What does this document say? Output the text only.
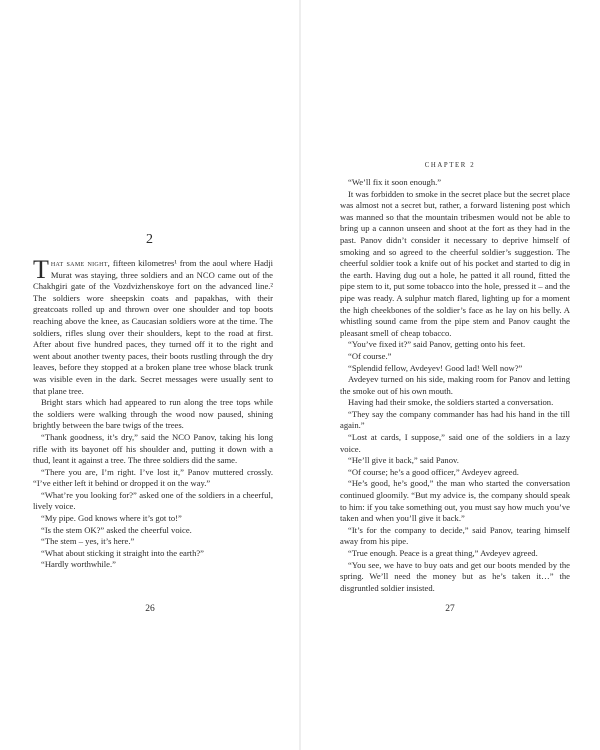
2

That same night, fifteen kilometres¹ from the aoul where Hadji Murat was staying, three soldiers and an NCO came out of the Chakhgiri gate of the Vozdvizhenskoye fort on the advanced line.² The soldiers wore sheepskin coats and papakhas, with their greatcoats rolled up and thrown over one shoulder and top boots reaching above the knee, as Caucasian soldiers wore at the time. The soldiers, rifles slung over their shoulders, kept to the road at first. After about five hundred paces, they turned off it to the right and went about another twenty paces, their boots rustling through the dry leaves, before they stopped at a broken plane tree whose black trunk was visible even in the dark. Secret messages were usually sent to that plane tree.

Bright stars which had appeared to run along the tree tops while the soldiers were walking through the wood now paused, shining brightly between the bare twigs of the trees.

“Thank goodness, it’s dry,” said the NCO Panov, taking his long rifle with its bayonet off his shoulder and, putting it down with a thud, leant it against a tree. The three soldiers did the same.

“There you are, I’m right. I’ve lost it,” Panov muttered crossly. “I’ve either left it behind or dropped it on the way.”

“What’re you looking for?” asked one of the soldiers in a cheerful, lively voice.

“My pipe. God knows where it’s got to!”

“Is the stem OK?” asked the cheerful voice.

“The stem – yes, it’s here.”

“What about sticking it straight into the earth?”

“Hardly worthwhile.”

26
CHAPTER 2

“We’ll fix it soon enough.”

It was forbidden to smoke in the secret place but the secret place was almost not a secret but, rather, a forward listening post which was manned so that the mountain tribesmen would not be able to bring up a cannon unseen and shoot at the fort as they had in the past. Panov didn’t consider it necessary to deprive himself of smoking and so agreed to the cheerful soldier’s suggestion. The cheerful soldier took a knife out of his pocket and started to dig in the earth. Having dug out a hole, he patted it all round, fitted the pipe stem to it, put some tobacco into the hole, pressed it – and the pipe was ready. A sulphur match flared, lighting up for a moment the high cheekbones of the soldier’s face as he lay on his belly. A whistling sound came from the pipe stem and Panov caught the pleasant smell of cheap tobacco.

“You’ve fixed it?” said Panov, getting onto his feet.

“Of course.”

“Splendid fellow, Avdeyev! Good lad! Well now?”

Avdeyev turned on his side, making room for Panov and letting the smoke out of his own mouth.

Having had their smoke, the soldiers started a conversation.

“They say the company commander has had his hand in the till again.”

“Lost at cards, I suppose,” said one of the soldiers in a lazy voice.

“He’ll give it back,” said Panov.

“Of course; he’s a good officer,” Avdeyev agreed.

“He’s good, he’s good,” the man who started the conversation continued gloomily. “But my advice is, the company should speak to him: if you take something out, you must say how much you’ve taken and when you’ll give it back.”

“It’s for the company to decide,” said Panov, tearing himself away from his pipe.

“True enough. Peace is a great thing,” Avdeyev agreed.

“You see, we have to buy oats and get our boots mended by the spring. We’ll need the money but as he’s taken it…” the disgruntled soldier insisted.

27
